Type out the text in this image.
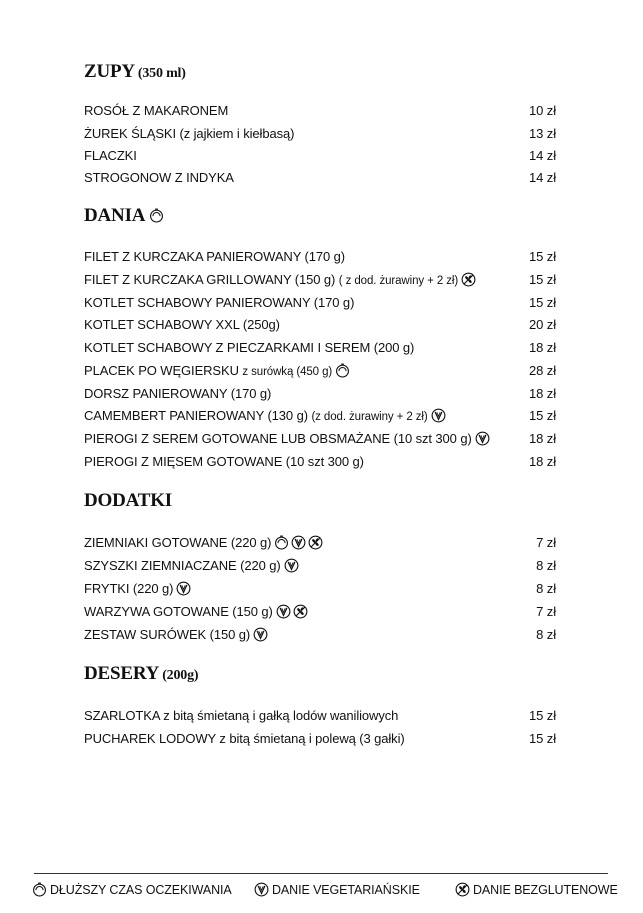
ZUPY (350 ml)
ROSÓŁ Z MAKARONEM	10 zł
ŻUREK ŚLĄSKI (z jajkiem i kiełbasą)	13 zł
FLACZKI	14 zł
STROGONOW Z INDYKA	14 zł
DANIA
FILET Z KURCZAKA PANIEROWANY (170 g)	15 zł
FILET Z KURCZAKA GRILLOWANY (150 g) ( z dod. żurawiny + 2 zł)	15 zł
KOTLET SCHABOWY PANIEROWANY (170 g)	15 zł
KOTLET SCHABOWY XXL (250g)	20 zł
KOTLET SCHABOWY Z PIECZARKAMI I SEREM (200 g)	18 zł
PLACEK PO WĘGIERSKU z surówką (450 g)	28 zł
DORSZ PANIEROWANY (170 g)	18 zł
CAMEMBERT PANIEROWANY (130 g) (z dod. żurawiny + 2 zł)	15 zł
PIEROGI Z SEREM GOTOWANE LUB OBSMAŻANE (10 szt 300 g)	18 zł
PIEROGI Z MIĘSEM GOTOWANE (10 szt 300 g)	18 zł
DODATKI
ZIEMNIAKI GOTOWANE (220 g)	7 zł
SZYSZKI ZIEMNIACZANE (220 g)	8 zł
FRYTKI (220 g)	8 zł
WARZYWA GOTOWANE (150 g)	7 zł
ZESTAW SURÓWEK (150 g)	8 zł
DESERY (200g)
SZARLOTKA z bitą śmietaną i gałką lodów waniliowych	15 zł
PUCHAREK LODOWY z bitą śmietaną i polewą (3 gałki)	15 zł
DŁUŻSZY CZAS OCZEKIWANIA	DANIE VEGETARIAŃSKIE	DANIE BEZGLUTENOWE
